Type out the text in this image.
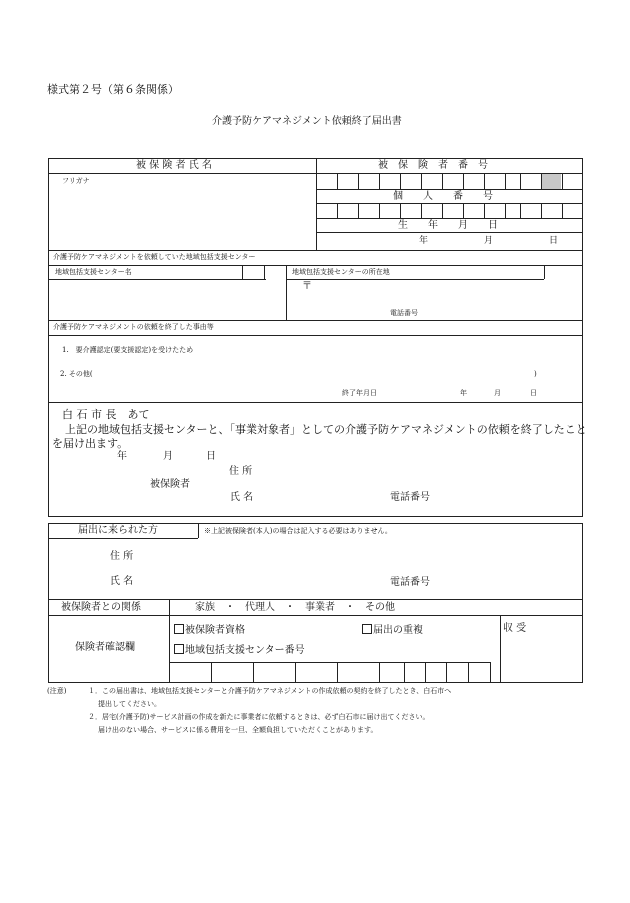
様式第２号（第６条関係）
介護予防ケアマネジメント依頼終了届出書
被 保 険 者 氏 名	被　保　険　者　番　号
フリガナ
個　　人　　番　　号
生　　年　　月　　日
年	月	日
介護予防ケアマネジメントを依頼していた地域包括支援センター
地域包括支援センター名	地域包括支援センターの所在地
〒
電話番号
介護予防ケアマネジメントの依頼を終了した事由等
1.　要介護認定(要支援認定)を受けたため
2. その他(	)
終了年月日	年	月	日
白 石 市 長　あて
上記の地域包括支援センターと、「事業対象者」としての介護予防ケアマネジメントの依頼を終了したこと
を届け出ます。
年	月	日
住 所
被保険者
氏 名	電話番号
届出に来られた方	※上記被保険者(本人)の場合は記入する必要はありません。
住 所
氏 名	電話番号
被保険者との関係	家族　・　代理人　・　事業者　・　その他
保険者確認欄
被保険者資格	届出の重複
地域包括支援センター番号
収 受
(注意)	１．この届出書は、地域包括支援センターと介護予防ケアマネジメントの作成依頼の契約を終了したとき、白石市へ
提出してください。
２．居宅(介護予防)サービス計画の作成を新たに事業者に依頼するときは、必ず白石市に届け出てください。
届け出のない場合、サービスに係る費用を一旦、全額負担していただくことがあります。
